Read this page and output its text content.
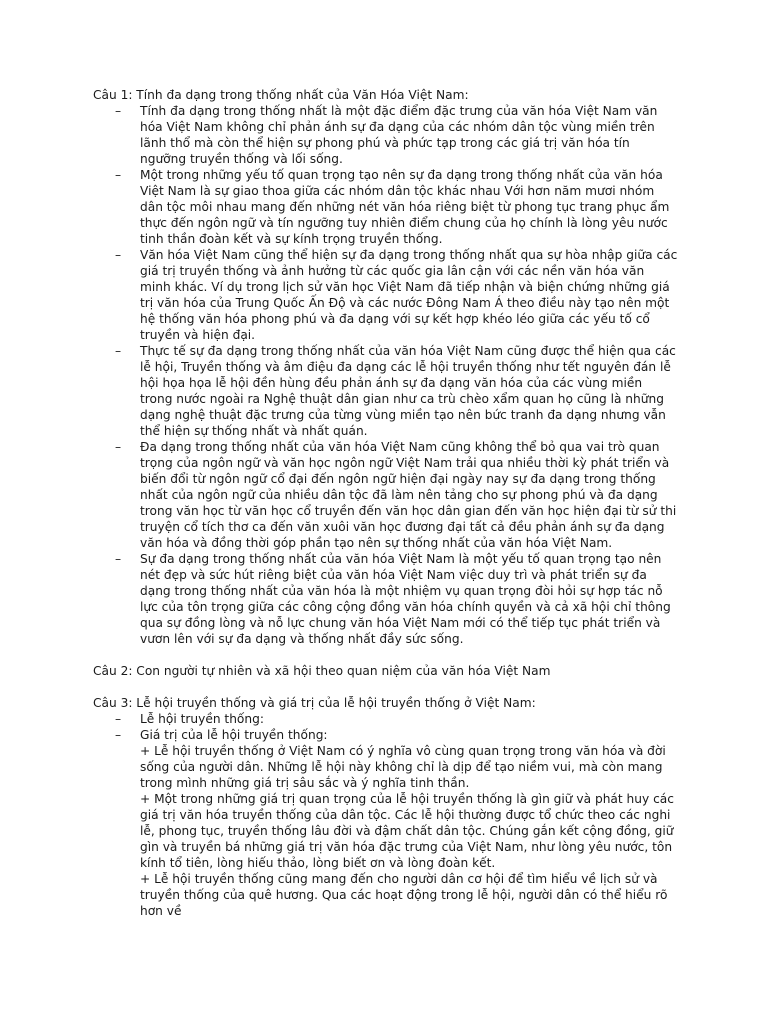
Câu 1: Tính đa dạng trong thống nhất của Văn Hóa Việt Nam:

– Tính đa dạng trong thống nhất là một đặc điểm đặc trưng của văn hóa Việt Nam văn hóa Việt Nam không chỉ phản ánh sự đa dạng của các nhóm dân tộc vùng miền trên lãnh thổ mà còn thể hiện sự phong phú và phức tạp trong các giá trị văn hóa tín ngưỡng truyền thống và lối sống.
– Một trong những yếu tố quan trọng tạo nên sự đa dạng trong thống nhất của văn hóa Việt Nam là sự giao thoa giữa các nhóm dân tộc khác nhau Với hơn năm mươi nhóm dân tộc môi nhau mang đến những nét văn hóa riêng biệt từ phong tục trang phục ẩm thực đến ngôn ngữ và tín ngưỡng tuy nhiên điểm chung của họ chính là lòng yêu nước tinh thần đoàn kết và sự kính trọng truyền thống.
– Văn hóa Việt Nam cũng thể hiện sự đa dạng trong thống nhất qua sự hòa nhập giữa các giá trị truyền thống và ảnh hưởng từ các quốc gia lân cận với các nền văn hóa văn minh khác. Ví dụ trong lịch sử văn học Việt Nam đã tiếp nhận và biện chứng những giá trị văn hóa của Trung Quốc Ấn Độ và các nước Đông Nam Á theo điều này tạo nên một hệ thống văn hóa phong phú và đa dạng với sự kết hợp khéo léo giữa các yếu tố cổ truyền và hiện đại.
– Thực tế sự đa dạng trong thống nhất của văn hóa Việt Nam cũng được thể hiện qua các lễ hội, Truyền thống và âm điệu đa dạng các lễ hội truyền thống như tết nguyên đán lễ hội họa họa lễ hội đền hùng đều phản ánh sự đa dạng văn hóa của các vùng miền trong nước ngoài ra Nghệ thuật dân gian như ca trù chèo xẩm quan họ cũng là những dạng nghệ thuật đặc trưng của từng vùng miền tạo nên bức tranh đa dạng nhưng vẫn thể hiện sự thống nhất và nhất quán.
– Đa dạng trong thống nhất của văn hóa Việt Nam cũng không thể bỏ qua vai trò quan trọng của ngôn ngữ và văn học ngôn ngữ Việt Nam trải qua nhiều thời kỳ phát triển và biến đổi từ ngôn ngữ cổ đại đến ngôn ngữ hiện đại ngày nay sự đa dạng trong thống nhất của ngôn ngữ của nhiều dân tộc đã làm nên tảng cho sự phong phú và đa dạng trong văn học từ văn học cổ truyền đến văn học dân gian đến văn học hiện đại từ sử thi truyện cổ tích thơ ca đến văn xuôi văn học đương đại tất cả đều phản ánh sự đa dạng văn hóa và đồng thời góp phần tạo nên sự thống nhất của văn hóa Việt Nam.
– Sự đa dạng trong thống nhất của văn hóa Việt Nam là một yếu tố quan trọng tạo nên nét đẹp và sức hút riêng biệt của văn hóa Việt Nam việc duy trì và phát triển sự đa dạng trong thống nhất của văn hóa là một nhiệm vụ quan trọng đòi hỏi sự hợp tác nỗ lực của tôn trọng giữa các công cộng đồng văn hóa chính quyền và cả xã hội chỉ thông qua sự đồng lòng và nỗ lực chung văn hóa Việt Nam mới có thể tiếp tục phát triển và vươn lên với sự đa dạng và thống nhất đầy sức sống.

Câu 2: Con người tự nhiên và xã hội theo quan niệm của văn hóa Việt Nam

Câu 3: Lễ hội truyền thống và giá trị của lễ hội truyền thống ở Việt Nam:

– Lễ hội truyền thống:
– Giá trị của lễ hội truyền thống:

+ Lễ hội truyền thống ở Việt Nam có ý nghĩa vô cùng quan trọng trong văn hóa và đời sống của người dân. Những lễ hội này không chỉ là dịp để tạo niềm vui, mà còn mang trong mình những giá trị sâu sắc và ý nghĩa tinh thần.

+ Một trong những giá trị quan trọng của lễ hội truyền thống là gìn giữ và phát huy các giá trị văn hóa truyền thống của dân tộc. Các lễ hội thường được tổ chức theo các nghi lễ, phong tục, truyền thống lâu đời và đậm chất dân tộc. Chúng gắn kết cộng đồng, giữ gìn và truyền bá những giá trị văn hóa đặc trưng của Việt Nam, như lòng yêu nước, tôn kính tổ tiên, lòng hiếu thảo, lòng biết ơn và lòng đoàn kết.

+ Lễ hội truyền thống cũng mang đến cho người dân cơ hội để tìm hiểu về lịch sử và truyền thống của quê hương. Qua các hoạt động trong lễ hội, người dân có thể hiểu rõ hơn về
